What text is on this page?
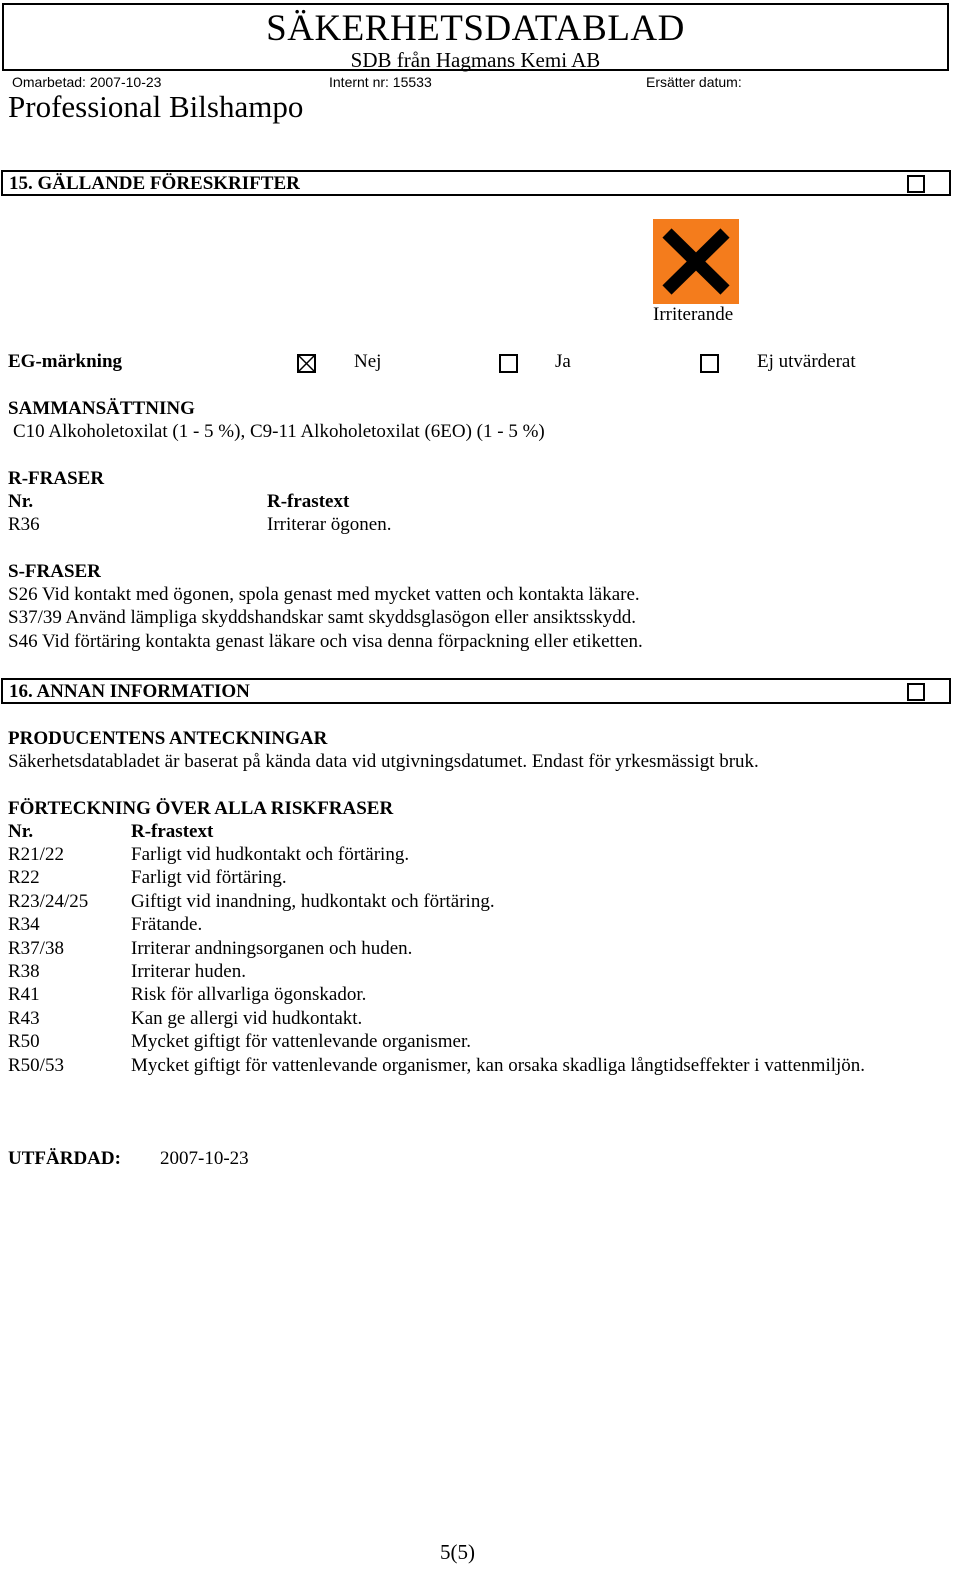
SÄKERHETSDATABLAD
SDB från Hagmans Kemi AB
Omarbetad: 2007-10-23	Internt nr: 15533	Ersätter datum:
Professional Bilshampo
15. GÄLLANDE FÖRESKRIFTER
Irriterande
EG-märkning	Nej	Ja	Ej utvärderat
SAMMANSÄTTNING
C10 Alkoholetoxilat (1 - 5 %), C9-11 Alkoholetoxilat (6EO) (1 - 5 %)
R-FRASER
Nr.	R-frastext
R36	Irriterar ögonen.
S-FRASER
S26 Vid kontakt med ögonen, spola genast med mycket vatten och kontakta läkare.
S37/39 Använd lämpliga skyddshandskar samt skyddsglasögon eller ansiktsskydd.
S46 Vid förtäring kontakta genast läkare och visa denna förpackning eller etiketten.
16. ANNAN INFORMATION
PRODUCENTENS ANTECKNINGAR
Säkerhetsdatabladet är baserat på kända data vid utgivningsdatumet. Endast för yrkesmässigt bruk.
FÖRTECKNING ÖVER ALLA RISKFRASER
Nr.	R-frastext
R21/22	Farligt vid hudkontakt och förtäring.
R22	Farligt vid förtäring.
R23/24/25 Giftigt vid inandning, hudkontakt och förtäring.
R34	Frätande.
R37/38	Irriterar andningsorganen och huden.
R38	Irriterar huden.
R41	Risk för allvarliga ögonskador.
R43	Kan ge allergi vid hudkontakt.
R50	Mycket giftigt för vattenlevande organismer.
R50/53	Mycket giftigt för vattenlevande organismer, kan orsaka skadliga långtidseffekter i vattenmiljön.
UTFÄRDAD: 2007-10-23
5(5)
